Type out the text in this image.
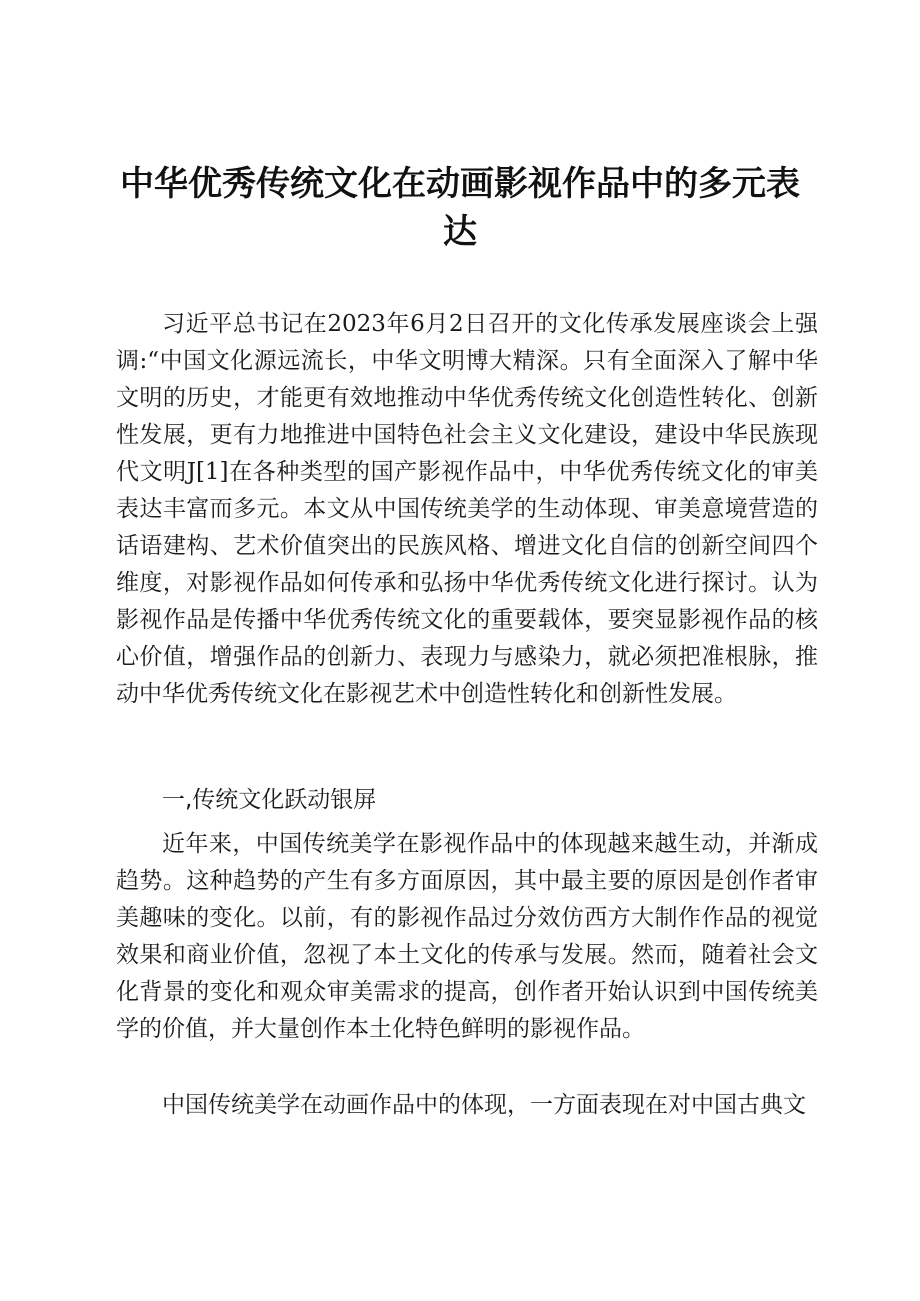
中华优秀传统文化在动画影视作品中的多元表达

习近平总书记在2023年6月2日召开的文化传承发展座谈会上强调:“中国文化源远流长，中华文明博大精深。只有全面深入了解中华文明的历史，才能更有效地推动中华优秀传统文化创造性转化、创新性发展，更有力地推进中国特色社会主义文化建设，建设中华民族现代文明J[1]在各种类型的国产影视作品中，中华优秀传统文化的审美表达丰富而多元。本文从中国传统美学的生动体现、审美意境营造的话语建构、艺术价值突出的民族风格、增进文化自信的创新空间四个维度，对影视作品如何传承和弘扬中华优秀传统文化进行探讨。认为影视作品是传播中华优秀传统文化的重要载体，要突显影视作品的核心价值，增强作品的创新力、表现力与感染力，就必须把准根脉，推动中华优秀传统文化在影视艺术中创造性转化和创新性发展。

一,传统文化跃动银屏

近年来，中国传统美学在影视作品中的体现越来越生动，并渐成趋势。这种趋势的产生有多方面原因，其中最主要的原因是创作者审美趣味的变化。以前，有的影视作品过分效仿西方大制作作品的视觉效果和商业价值，忽视了本土文化的传承与发展。然而，随着社会文化背景的变化和观众审美需求的提高，创作者开始认识到中国传统美学的价值，并大量创作本土化特色鲜明的影视作品。

中国传统美学在动画作品中的体现，一方面表现在对中国古典文
